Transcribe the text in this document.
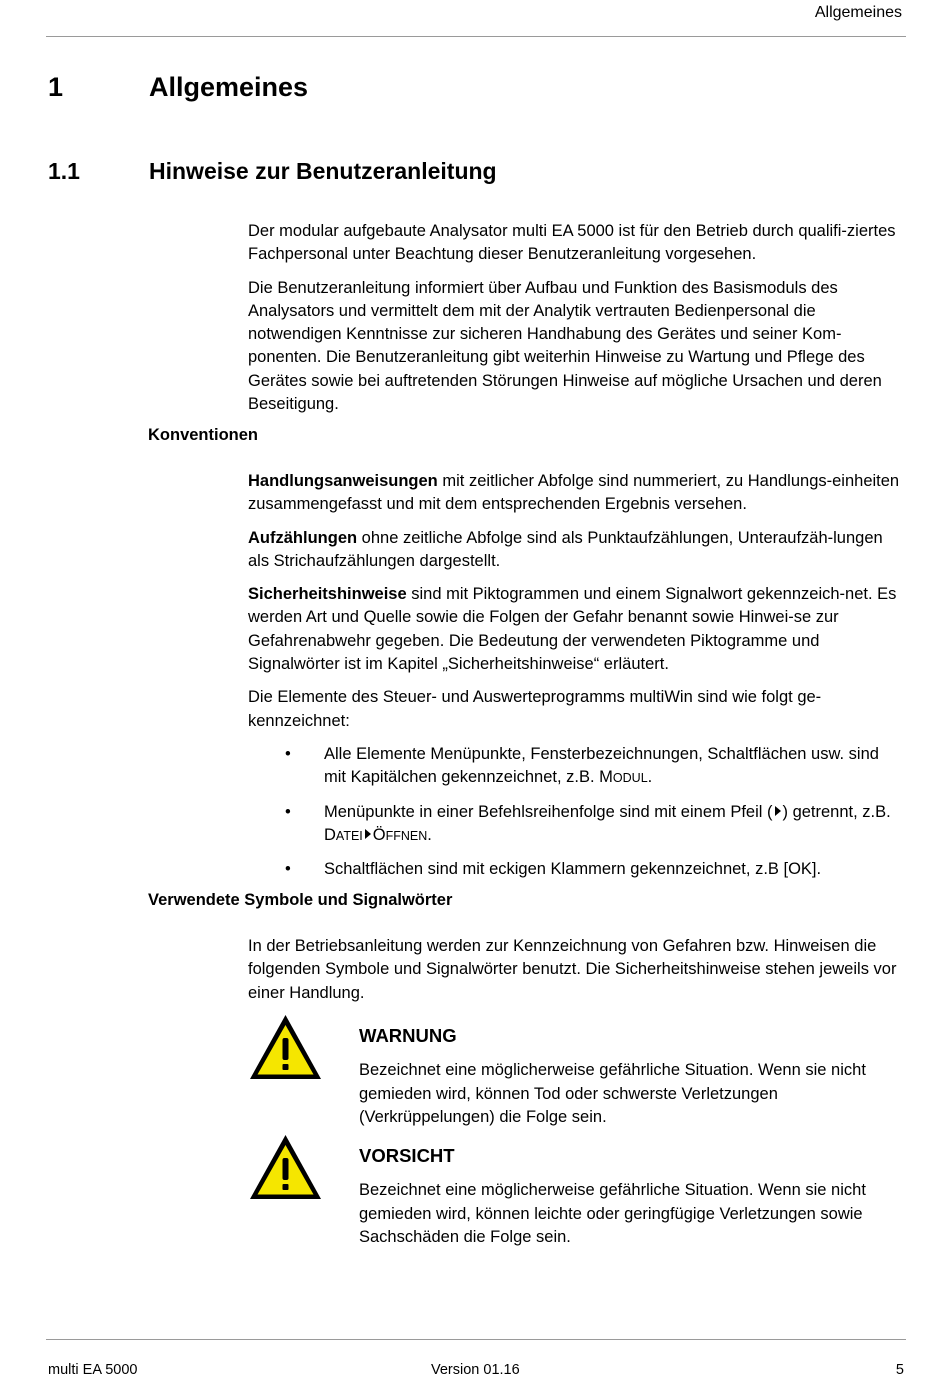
Allgemeines
1	Allgemeines
1.1	Hinweise zur Benutzeranleitung

Der modular aufgebaute Analysator multi EA 5000 ist für den Betrieb durch qualifi-ziertes Fachpersonal unter Beachtung dieser Benutzeranleitung vorgesehen.

Die Benutzeranleitung informiert über Aufbau und Funktion des Basismoduls des Analysators und vermittelt dem mit der Analytik vertrauten Bedienpersonal die notwendigen Kenntnisse zur sicheren Handhabung des Gerätes und seiner Kom-ponenten. Die Benutzeranleitung gibt weiterhin Hinweise zu Wartung und Pflege des Gerätes sowie bei auftretenden Störungen Hinweise auf mögliche Ursachen und deren Beseitigung.

Konventionen

Handlungsanweisungen mit zeitlicher Abfolge sind nummeriert, zu Handlungs-einheiten zusammengefasst und mit dem entsprechenden Ergebnis versehen.

Aufzählungen ohne zeitliche Abfolge sind als Punktaufzählungen, Unteraufzäh-lungen als Strichaufzählungen dargestellt.

Sicherheitshinweise sind mit Piktogrammen und einem Signalwort gekennzeich-net. Es werden Art und Quelle sowie die Folgen der Gefahr benannt sowie Hinwei-se zur Gefahrenabwehr gegeben. Die Bedeutung der verwendeten Piktogramme und Signalwörter ist im Kapitel „Sicherheitshinweise“ erläutert.

Die Elemente des Steuer- und Auswerteprogramms multiWin sind wie folgt ge-kennzeichnet:

• Alle Elemente Menüpunkte, Fensterbezeichnungen, Schaltflächen usw. sind mit Kapitälchen gekennzeichnet, z.B. MODUL.
• Menüpunkte in einer Befehlsreihenfolge sind mit einem Pfeil ( ) getrennt, z.B. DATEI ÖFFNEN.
• Schaltflächen sind mit eckigen Klammern gekennzeichnet, z.B [OK].
Verwendete Symbole und Signalwörter

In der Betriebsanleitung werden zur Kennzeichnung von Gefahren bzw. Hinweisen die folgenden Symbole und Signalwörter benutzt. Die Sicherheitshinweise stehen jeweils vor einer Handlung.

WARNUNG
Bezeichnet eine möglicherweise gefährliche Situation. Wenn sie nicht gemieden wird, können Tod oder schwerste Verletzungen (Verkrüppelungen) die Folge sein.
VORSICHT
Bezeichnet eine möglicherweise gefährliche Situation. Wenn sie nicht gemieden wird, können leichte oder geringfügige Verletzungen sowie Sachschäden die Folge sein.
multi EA 5000	Version 01.16	5
